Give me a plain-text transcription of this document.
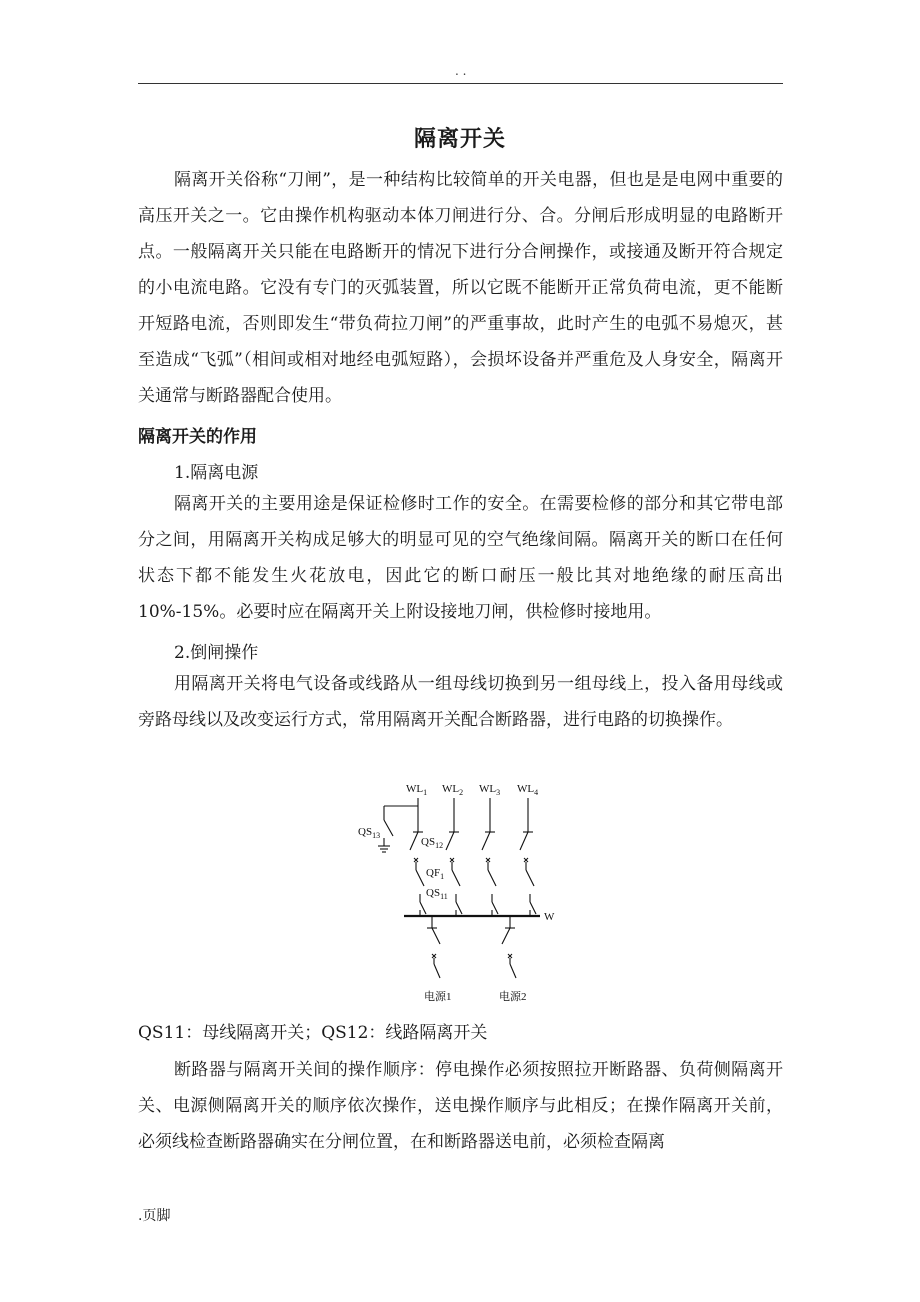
. .
隔离开关
隔离开关俗称“刀闸”，是一种结构比较简单的开关电器，但也是是电网中重要的高压开关之一。它由操作机构驱动本体刀闸进行分、合。分闸后形成明显的电路断开点。一般隔离开关只能在电路断开的情况下进行分合闸操作，或接通及断开符合规定的小电流电路。它没有专门的灭弧装置，所以它既不能断开正常负荷电流，更不能断开短路电流，否则即发生“带负荷拉刀闸”的严重事故，此时产生的电弧不易熄灭，甚至造成“飞弧”（相间或相对地经电弧短路），会损坏设备并严重危及人身安全，隔离开关通常与断路器配合使用。
隔离开关的作用
1.隔离电源
隔离开关的主要用途是保证检修时工作的安全。在需要检修的部分和其它带电部分之间，用隔离开关构成足够大的明显可见的空气绝缘间隔。隔离开关的断口在任何状态下都不能发生火花放电，因此它的断口耐压一般比其对地绝缘的耐压高出10%-15%。必要时应在隔离开关上附设接地刀闸，供检修时接地用。
2.倒闸操作
用隔离开关将电气设备或线路从一组母线切换到另一组母线上，投入备用母线或旁路母线以及改变运行方式，常用隔离开关配合断路器，进行电路的切换操作。
$WL_1$ $WL_2$ $WL_3$ $WL_4$
$QS_{13}$
$QS_{12}$
$QF_1$
$QS_{11}$
W
电源1	电源2
QS11：母线隔离开关；QS12：线路隔离开关
断路器与隔离开关间的操作顺序：停电操作必须按照拉开断路器、负荷侧隔离开关、电源侧隔离开关的顺序依次操作，送电操作顺序与此相反；在操作隔离开关前，必须线检查断路器确实在分闸位置，在和断路器送电前，必须检查隔离
.页脚
